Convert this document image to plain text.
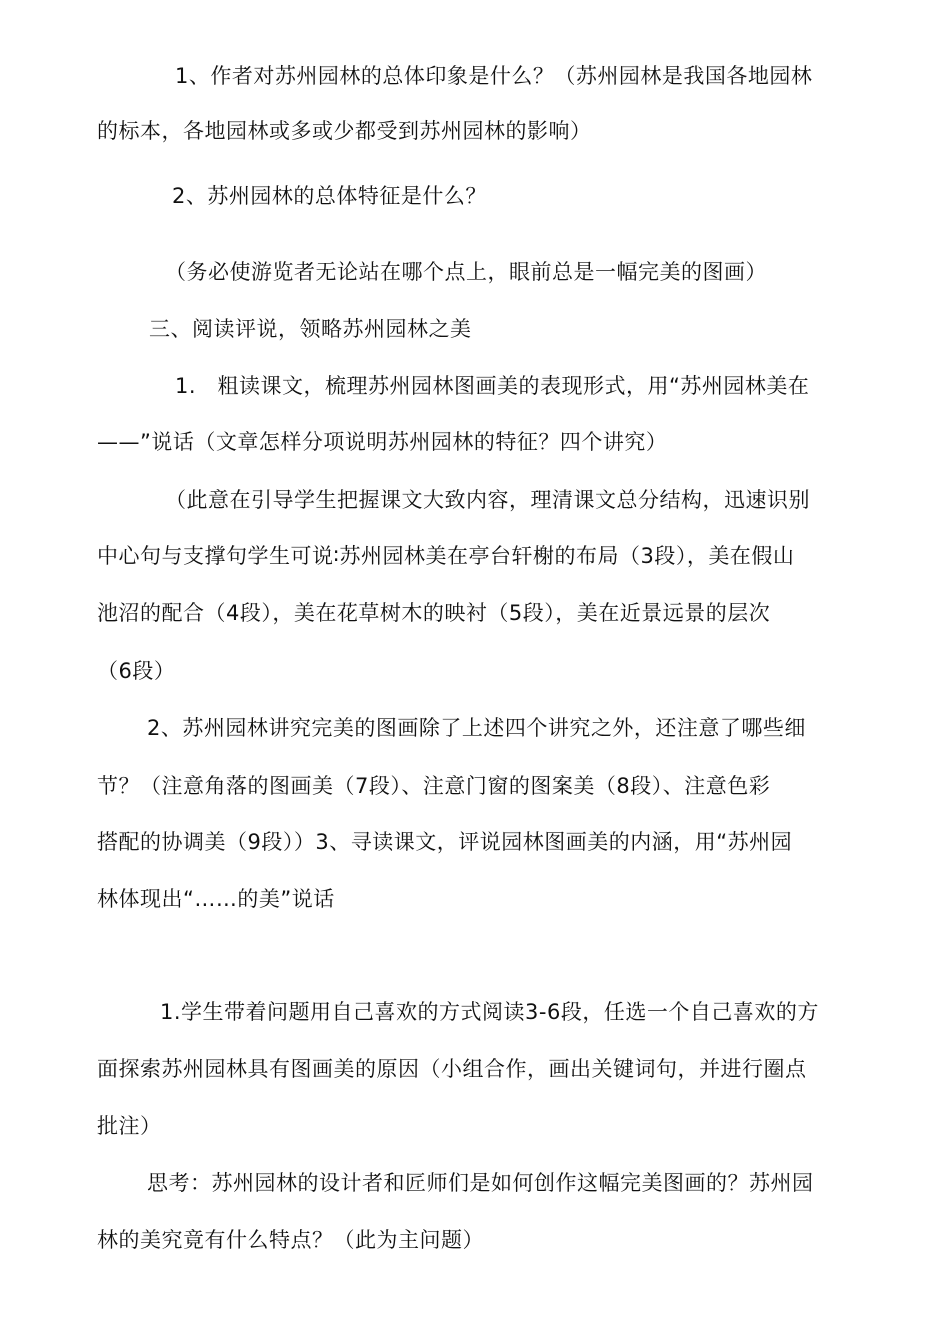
1、作者对苏州园林的总体印象是什么？（苏州园林是我国各地园林
的标本，各地园林或多或少都受到苏州园林的影响）
2、苏州园林的总体特征是什么？
（务必使游览者无论站在哪个点上，眼前总是一幅完美的图画）
三、阅读评说，领略苏州园林之美
1.　粗读课文，梳理苏州园林图画美的表现形式，用“苏州园林美在
——”说话（文章怎样分项说明苏州园林的特征？四个讲究）
（此意在引导学生把握课文大致内容，理清课文总分结构，迅速识别
中心句与支撑句学生可说∶苏州园林美在亭台轩榭的布局（3段），美在假山
池沼的配合（4段），美在花草树木的映衬（5段），美在近景远景的层次
（6段）
2、苏州园林讲究完美的图画除了上述四个讲究之外，还注意了哪些细
节？（注意角落的图画美（7段）、注意门窗的图案美（8段）、注意色彩
搭配的协调美（9段））3、寻读课文，评说园林图画美的内涵，用“苏州园
林体现出“……的美”说话
1.学生带着问题用自己喜欢的方式阅读3-6段，任选一个自己喜欢的方
面探索苏州园林具有图画美的原因（小组合作，画出关键词句，并进行圈点
批注）
思考：苏州园林的设计者和匠师们是如何创作这幅完美图画的？苏州园
林的美究竟有什么特点？（此为主问题）
